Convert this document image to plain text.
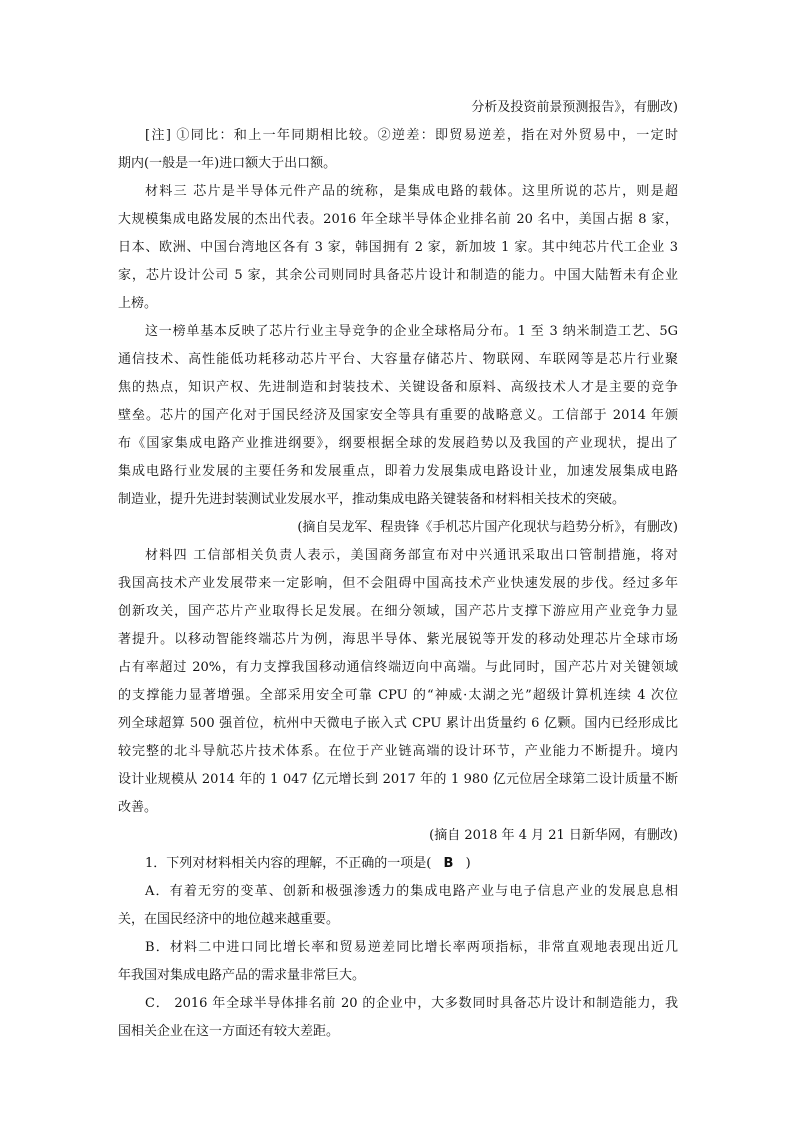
分析及投资前景预测报告》，有删改)
[注] ①同比：和上一年同期相比较。②逆差：即贸易逆差，指在对外贸易中，一定时
期内(一般是一年)进口额大于出口额。
材料三 芯片是半导体元件产品的统称，是集成电路的载体。这里所说的芯片，则是超
大规模集成电路发展的杰出代表。2016 年全球半导体企业排名前 20 名中，美国占据 8 家，
日本、欧洲、中国台湾地区各有 3 家，韩国拥有 2 家，新加坡 1 家。其中纯芯片代工企业 3
家，芯片设计公司 5 家，其余公司则同时具备芯片设计和制造的能力。中国大陆暂未有企业
上榜。
这一榜单基本反映了芯片行业主导竞争的企业全球格局分布。1 至 3 纳米制造工艺、5G
通信技术、高性能低功耗移动芯片平台、大容量存储芯片、物联网、车联网等是芯片行业聚
焦的热点，知识产权、先进制造和封装技术、关键设备和原料、高级技术人才是主要的竞争
壁垒。芯片的国产化对于国民经济及国家安全等具有重要的战略意义。工信部于 2014 年颁
布《国家集成电路产业推进纲要》，纲要根据全球的发展趋势以及我国的产业现状，提出了
集成电路行业发展的主要任务和发展重点，即着力发展集成电路设计业，加速发展集成电路
制造业，提升先进封装测试业发展水平，推动集成电路关键装备和材料相关技术的突破。
(摘自吴龙军、程贵锋《手机芯片国产化现状与趋势分析》，有删改)
材料四 工信部相关负责人表示，美国商务部宣布对中兴通讯采取出口管制措施，将对
我国高技术产业发展带来一定影响，但不会阻碍中国高技术产业快速发展的步伐。经过多年
创新攻关，国产芯片产业取得长足发展。在细分领域，国产芯片支撑下游应用产业竞争力显
著提升。以移动智能终端芯片为例，海思半导体、紫光展锐等开发的移动处理芯片全球市场
占有率超过 20%，有力支撑我国移动通信终端迈向中高端。与此同时，国产芯片对关键领域
的支撑能力显著增强。全部采用安全可靠 CPU 的“神威·太湖之光”超级计算机连续 4 次位
列全球超算 500 强首位，杭州中天微电子嵌入式 CPU 累计出货量约 6 亿颗。国内已经形成比
较完整的北斗导航芯片技术体系。在位于产业链高端的设计环节，产业能力不断提升。境内
设计业规模从 2014 年的 1 047 亿元增长到 2017 年的 1 980 亿元位居全球第二设计质量不断
改善。
(摘自 2018 年 4 月 21 日新华网，有删改)
1．下列对材料相关内容的理解，不正确的一项是( B )
A．有着无穷的变革、创新和极强渗透力的集成电路产业与电子信息产业的发展息息相
关，在国民经济中的地位越来越重要。
B．材料二中进口同比增长率和贸易逆差同比增长率两项指标，非常直观地表现出近几
年我国对集成电路产品的需求量非常巨大。
C． 2016 年全球半导体排名前 20 的企业中，大多数同时具备芯片设计和制造能力，我
国相关企业在这一方面还有较大差距。
